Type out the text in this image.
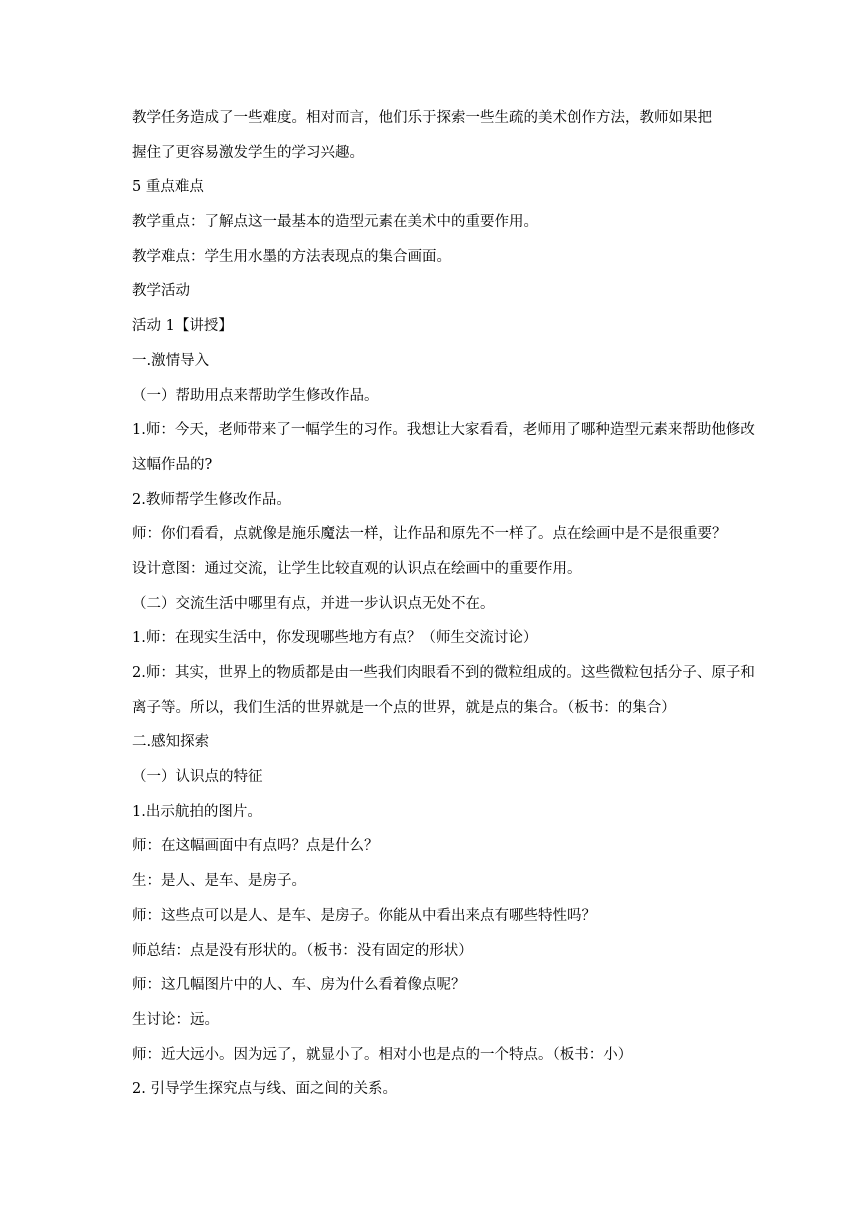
教学任务造成了一些难度。相对而言，他们乐于探索一些生疏的美术创作方法，教师如果把
握住了更容易激发学生的学习兴趣。
5 重点难点
教学重点：了解点这一最基本的造型元素在美术中的重要作用。
教学难点：学生用水墨的方法表现点的集合画面。
教学活动
活动 1【讲授】
一.激情导入
（一）帮助用点来帮助学生修改作品。
1.师：今天，老师带来了一幅学生的习作。我想让大家看看，老师用了哪种造型元素来帮助他修改
这幅作品的?
2.教师帮学生修改作品。
师：你们看看，点就像是施乐魔法一样，让作品和原先不一样了。点在绘画中是不是很重要？
设计意图：通过交流，让学生比较直观的认识点在绘画中的重要作用。
（二）交流生活中哪里有点，并进一步认识点无处不在。
1.师：在现实生活中，你发现哪些地方有点？（师生交流讨论）
2.师：其实，世界上的物质都是由一些我们肉眼看不到的微粒组成的。这些微粒包括分子、原子和
离子等。所以，我们生活的世界就是一个点的世界，就是点的集合。（板书：的集合）
二.感知探索
（一）认识点的特征
1.出示航拍的图片。
师：在这幅画面中有点吗？点是什么？
生：是人、是车、是房子。
师：这些点可以是人、是车、是房子。你能从中看出来点有哪些特性吗？
师总结：点是没有形状的。（板书：没有固定的形状）
师：这几幅图片中的人、车、房为什么看着像点呢？
生讨论：远。
师：近大远小。因为远了，就显小了。相对小也是点的一个特点。（板书：小）
2. 引导学生探究点与线、面之间的关系。
